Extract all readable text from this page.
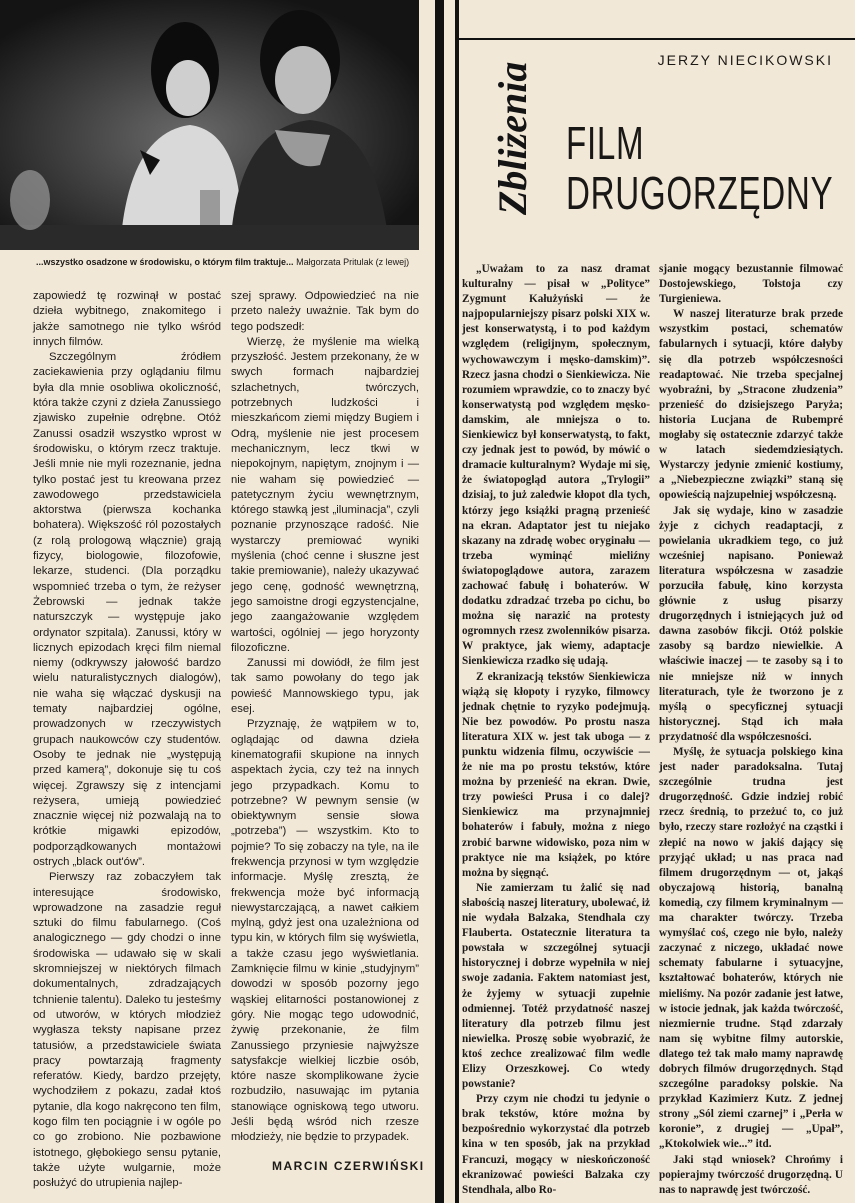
...wszystko osadzone w środowisku, o którym film traktuje... Małgorzata Pritulak (z lewej)

zapowiedź tę rozwinął w postać dzieła wybitnego, znakomitego i jakże samotnego nie tylko wśród innych filmów.

Szczególnym źródłem zaciekawienia przy oglądaniu filmu była dla mnie osobliwa okoliczność, która także czyni z dzieła Zanussiego zjawisko zupełnie odrębne. Otóż Zanussi osadził wszystko wprost w środowisku, o którym rzecz traktuje. Jeśli mnie nie myli rozeznanie, jedna tylko postać jest tu kreowana przez zawodowego przedstawiciela aktorstwa (pierwsza kochanka bohatera). Większość ról pozostałych (z rolą prologową włącznie) grają fizycy, biologowie, filozofowie, lekarze, studenci. (Dla porządku wspomnieć trzeba o tym, że reżyser Żebrowski — jednak także naturszczyk — występuje jako ordynator szpitala). Zanussi, który w licznych epizodach kręci film niemal niemy (odkrywszy jałowość bardzo wielu naturalistycznych dialogów), nie waha się włączać dyskusji na tematy najbardziej ogólne, prowadzonych w rzeczywistych grupach naukowców czy studentów. Osoby te jednak nie „występują przed kamerą”, dokonuje się tu coś więcej. Zgrawszy się z intencjami reżysera, umieją powiedzieć znacznie więcej niż pozwalają na to krótkie migawki epizodów, podporządkowanych montażowi ostrych „black out'ów”.

Pierwszy raz zobaczyłem tak interesujące środowisko, wprowadzone na zasadzie reguł sztuki do filmu fabularnego. (Coś analogicznego — gdy chodzi o inne środowiska — udawało się w skali skromniejszej w niektórych filmach dokumentalnych, zdradzających tchnienie talentu). Daleko tu jesteśmy od utworów, w których młodzież wygłasza teksty napisane przez tatusiów, a przedstawiciele świata pracy powtarzają fragmenty referatów. Kiedy, bardzo przejęty, wychodziłem z pokazu, zadał ktoś pytanie, dla kogo nakręcono ten film, kogo film ten pociągnie i w ogóle po co go zrobiono. Nie pozbawione istotnego, głębokiego sensu pytanie, także użyte wulgarnie, może posłużyć do utrupienia najlep-

szej sprawy. Odpowiedzieć na nie przeto należy uważnie. Tak bym do tego podszedł:

Wierzę, że myślenie ma wielką przyszłość. Jestem przekonany, że w swych formach najbardziej szlachetnych, twórczych, potrzebnych ludzkości i mieszkańcom ziemi między Bugiem i Odrą, myślenie nie jest procesem mechanicznym, lecz tkwi w niepokojnym, napiętym, znojnym i — nie waham się powiedzieć — patetycznym życiu wewnętrznym, którego stawką jest „iluminacja”, czyli poznanie przynoszące radość. Nie wystarczy premiować wyniki myślenia (choć cenne i słuszne jest takie premiowanie), należy ukazywać jego cenę, godność wewnętrzną, jego samoistne drogi egzystencjalne, jego zaangażowanie względem wartości, ogólniej — jego horyzonty filozoficzne.

Zanussi mi dowiódł, że film jest tak samo powołany do tego jak powieść Mannowskiego typu, jak esej.

Przyznaję, że wątpiłem w to, oglądając od dawna dzieła kinematografii skupione na innych aspektach życia, czy też na innych jego przypadkach. Komu to potrzebne? W pewnym sensie (w obiektywnym sensie słowa „potrzeba”) — wszystkim. Kto to pojmie? To się zobaczy na tyle, na ile frekwencja przynosi w tym względzie informacje. Myślę zresztą, że frekwencja może być informacją niewystarczającą, a nawet całkiem mylną, gdyż jest ona uzależniona od typu kin, w których film się wyświetla, a także czasu jego wyświetlania. Zamknięcie filmu w kinie „studyjnym” dowodzi w sposób pozorny jego wąskiej elitarności postanowionej z góry. Nie mogąc tego udowodnić, żywię przekonanie, że film Zanussiego przyniesie najwyższe satysfakcje wielkiej liczbie osób, które nasze skomplikowane życie rozbudziło, nasuwając im pytania stanowiące ogniskową tego utworu. Jeśli będą wśród nich rzesze młodzieży, nie będzie to przypadek.

MARCIN CZERWIŃSKI
JERZY NIECIKOWSKI
Zbliżenia FILM
DRUGORZĘDNY

„Uważam to za nasz dramat kulturalny — pisał w „Polityce” Zygmunt Kałużyński — że najpopularniejszy pisarz polski XIX w. jest konserwatystą, i to pod każdym względem (religijnym, społecznym, wychowawczym i męsko-damskim)”. Rzecz jasna chodzi o Sienkiewicza. Nie rozumiem wprawdzie, co to znaczy być konserwatystą pod względem męsko-damskim, ale mniejsza o to. Sienkiewicz był konserwatystą, to fakt, czy jednak jest to powód, by mówić o dramacie kulturalnym? Wydaje mi się, że światopogląd autora „Trylogii” dzisiaj, to już zaledwie kłopot dla tych, którzy jego książki pragną przenieść na ekran. Adaptator jest tu niejako skazany na zdradę wobec oryginału — trzeba wyminąć mieliźny światopoglądowe autora, zarazem zachować fabułę i bohaterów. W dodatku zdradzać trzeba po cichu, bo można się narazić na protesty ogromnych rzesz zwolenników pisarza. W praktyce, jak wiemy, adaptacje Sienkiewicza rzadko się udają.

Z ekranizacją tekstów Sienkiewicza wiążą się kłopoty i ryzyko, filmowcy jednak chętnie to ryzyko podejmują. Nie bez powodów. Po prostu nasza literatura XIX w. jest tak uboga — z punktu widzenia filmu, oczywiście — że nie ma po prostu tekstów, które można by przenieść na ekran. Dwie, trzy powieści Prusa i co dalej? Sienkiewicz ma przynajmniej bohaterów i fabuły, można z niego zrobić barwne widowisko, poza nim w praktyce nie ma książek, po które można by sięgnąć.

Nie zamierzam tu żalić się nad słabością naszej literatury, ubolewać, iż nie wydała Balzaka, Stendhala czy Flauberta. Ostatecznie literatura ta powstała w szczególnej sytuacji historycznej i dobrze wypełniła w niej swoje zadania. Faktem natomiast jest, że żyjemy w sytuacji zupełnie odmiennej. Totéż przydatność naszej literatury dla potrzeb filmu jest niewielka. Proszę sobie wyobrazić, że ktoś zechce zrealizować film wedle Elizy Orzeszkowej. Co wtedy powstanie?

Przy czym nie chodzi tu jedynie o brak tekstów, które można by bezpośrednio wykorzystać dla potrzeb kina w ten sposób, jak na przykład Francuzi, mogący w nieskończoność ekranizować powieści Balzaka czy Stendhala, albo Ro-

sjanie mogący bezustannie filmować Dostojewskiego, Tołstoja czy Turgieniewa.

W naszej literaturze brak przede wszystkim postaci, schematów fabularnych i sytuacji, które dałyby się dla potrzeb współczesności readaptować. Nie trzeba specjalnej wyobraźni, by „Stracone złudzenia” przenieść do dzisiejszego Paryża; historia Lucjana de Rubempré mogłaby się ostatecznie zdarzyć także w latach siedemdziesiątych. Wystarczy jedynie zmienić kostiumy, a „Niebezpieczne związki” staną się opowieścią najzupełniej współczesną.

Jak się wydaje, kino w zasadzie żyje z cichych readaptacji, z powielania ukradkiem tego, co już wcześniej napisano. Ponieważ literatura współczesna w zasadzie porzuciła fabułę, kino korzysta głównie z usług pisarzy drugorzędnych i istniejących już od dawna zasobów fikcji. Otóż polskie zasoby są bardzo niewielkie. A właściwie inaczej — te zasoby są i to nie mniejsze niż w innych literaturach, tyle że tworzono je z myślą o specyficznej sytuacji historycznej. Stąd ich mała przydatność dla współczesności.

Myślę, że sytuacja polskiego kina jest nader paradoksalna. Tutaj szczególnie trudna jest drugorzędność. Gdzie indziej robić rzecz średnią, to przeżuć to, co już było, rzeczy stare rozłożyć na cząstki i złepić na nowo w jakiś dający się przyjąć układ; u nas praca nad filmem drugorzędnym — ot, jakąś obyczajową historią, banalną komedią, czy filmem kryminalnym — ma charakter twórczy. Trzeba wymyślać coś, czego nie było, należy zaczynać z niczego, układać nowe schematy fabularne i sytuacyjne, kształtować bohaterów, których nie mieliśmy. Na pozór zadanie jest łatwe, w istocie jednak, jak każda twórczość, niezmiernie trudne. Stąd zdarzały nam się wybitne filmy autorskie, dlatego też tak mało mamy naprawdę dobrych filmów drugorzędnych. Stąd szczególne paradoksy polskie. Na przykład Kazimierz Kutz. Z jednej strony „Sól ziemi czarnej” i „Perła w koronie”, z drugiej — „Upał”, „Ktokolwiek wie...” itd.

Jaki stąd wniosek? Chrońmy i popierajmy twórczość drugorzędną. U nas to naprawdę jest twórczość.
